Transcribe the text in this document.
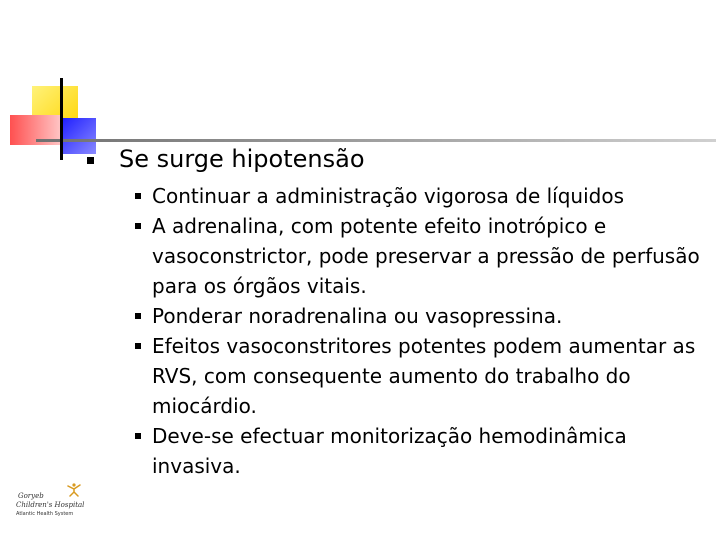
Se surge hipotensão
Continuar a administração vigorosa de líquidos
A adrenalina, com potente efeito inotrópico e vasoconstrictor, pode preservar a pressão de perfusão para os órgãos vitais.
Ponderar noradrenalina ou vasopressina.
Efeitos vasoconstritores potentes podem aumentar as RVS, com consequente aumento do trabalho do miocárdio.
Deve-se efectuar monitorização hemodinâmica invasiva.
Goryeb
Children's Hospital
Atlantic Health System
